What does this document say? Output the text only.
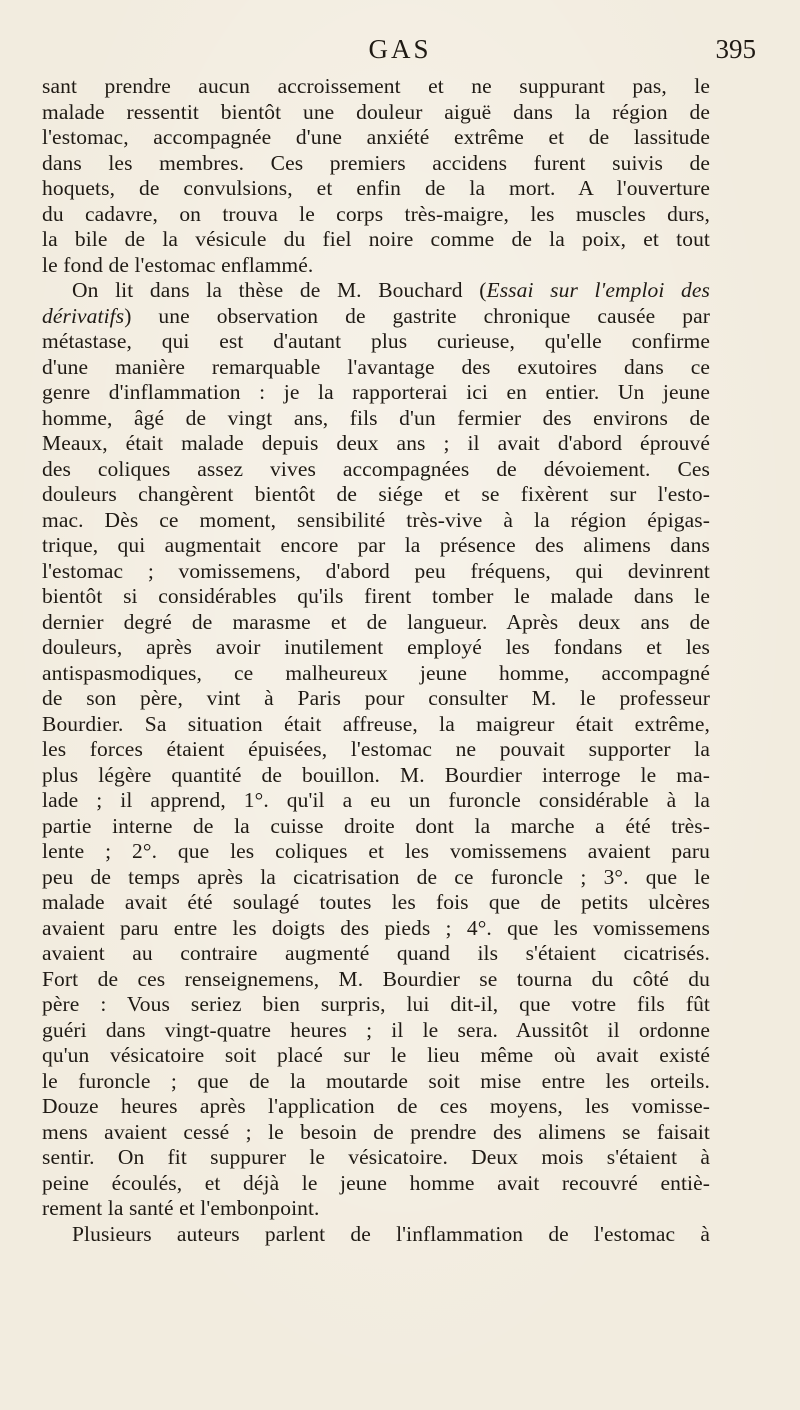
GAS	395
sant prendre aucun accroissement et ne suppurant pas, le
malade ressentit bientôt une douleur aiguë dans la région de
l'estomac, accompagnée d'une anxiété extrême et de lassitude
dans les membres. Ces premiers accidens furent suivis de
hoquets, de convulsions, et enfin de la mort. A l'ouverture
du cadavre, on trouva le corps très-maigre, les muscles durs,
la bile de la vésicule du fiel noire comme de la poix, et tout
le fond de l'estomac enflammé.
On lit dans la thèse de M. Bouchard (Essai sur l'emploi des
dérivatifs) une observation de gastrite chronique causée par
métastase, qui est d'autant plus curieuse, qu'elle confirme
d'une manière remarquable l'avantage des exutoires dans ce
genre d'inflammation : je la rapporterai ici en entier. Un jeune
homme, âgé de vingt ans, fils d'un fermier des environs de
Meaux, était malade depuis deux ans ; il avait d'abord éprouvé
des coliques assez vives accompagnées de dévoiement. Ces
douleurs changèrent bientôt de siége et se fixèrent sur l'esto-
mac. Dès ce moment, sensibilité très-vive à la région épigas-
trique, qui augmentait encore par la présence des alimens dans
l'estomac ; vomissemens, d'abord peu fréquens, qui devinrent
bientôt si considérables qu'ils firent tomber le malade dans le
dernier degré de marasme et de langueur. Après deux ans de
douleurs, après avoir inutilement employé les fondans et les
antispasmodiques, ce malheureux jeune homme, accompagné
de son père, vint à Paris pour consulter M. le professeur
Bourdier. Sa situation était affreuse, la maigreur était extrême,
les forces étaient épuisées, l'estomac ne pouvait supporter la
plus légère quantité de bouillon. M. Bourdier interroge le ma-
lade ; il apprend, 1°. qu'il a eu un furoncle considérable à la
partie interne de la cuisse droite dont la marche a été très-
lente ; 2°. que les coliques et les vomissemens avaient paru
peu de temps après la cicatrisation de ce furoncle ; 3°. que le
malade avait été soulagé toutes les fois que de petits ulcères
avaient paru entre les doigts des pieds ; 4°. que les vomissemens
avaient au contraire augmenté quand ils s'étaient cicatrisés.
Fort de ces renseignemens, M. Bourdier se tourna du côté du
père : Vous seriez bien surpris, lui dit-il, que votre fils fût
guéri dans vingt-quatre heures ; il le sera. Aussitôt il ordonne
qu'un vésicatoire soit placé sur le lieu même où avait existé
le furoncle ; que de la moutarde soit mise entre les orteils.
Douze heures après l'application de ces moyens, les vomisse-
mens avaient cessé ; le besoin de prendre des alimens se faisait
sentir. On fit suppurer le vésicatoire. Deux mois s'étaient à
peine écoulés, et déjà le jeune homme avait recouvré entiè-
rement la santé et l'embonpoint.
Plusieurs auteurs parlent de l'inflammation de l'estomac à
